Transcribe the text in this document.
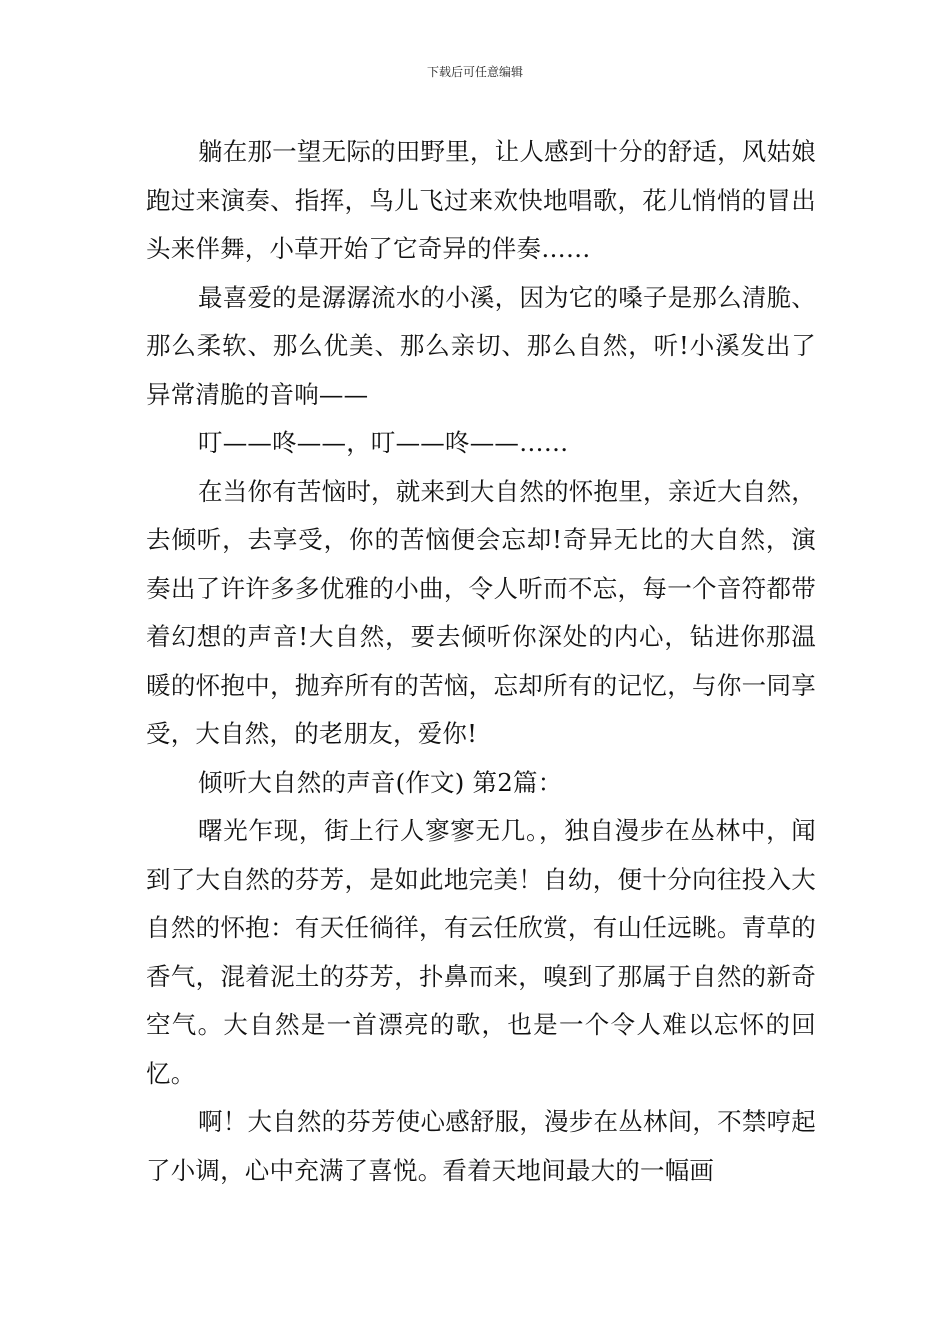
下载后可任意编辑

躺在那一望无际的田野里，让人感到十分的舒适，风姑娘跑过来演奏、指挥，鸟儿飞过来欢快地唱歌，花儿悄悄的冒出头来伴舞，小草开始了它奇异的伴奏……

最喜爱的是潺潺流水的小溪，因为它的嗓子是那么清脆、那么柔软、那么优美、那么亲切、那么自然，听!小溪发出了异常清脆的音响——

叮——咚——，叮——咚——……

在当你有苦恼时，就来到大自然的怀抱里，亲近大自然，去倾听，去享受，你的苦恼便会忘却!奇异无比的大自然，演奏出了许许多多优雅的小曲，令人听而不忘，每一个音符都带着幻想的声音!大自然，要去倾听你深处的内心，钻进你那温暖的怀抱中，抛弃所有的苦恼，忘却所有的记忆，与你一同享受，大自然，的老朋友，爱你!

倾听大自然的声音(作文) 第2篇：

曙光乍现，街上行人寥寥无几。，独自漫步在丛林中，闻到了大自然的芬芳，是如此地完美！自幼，便十分向往投入大自然的怀抱：有天任徜徉，有云任欣赏，有山任远眺。青草的香气，混着泥土的芬芳，扑鼻而来，嗅到了那属于自然的新奇空气。大自然是一首漂亮的歌，也是一个令人难以忘怀的回忆。

啊！大自然的芬芳使心感舒服，漫步在丛林间，不禁哼起了小调，心中充满了喜悦。看着天地间最大的一幅画
